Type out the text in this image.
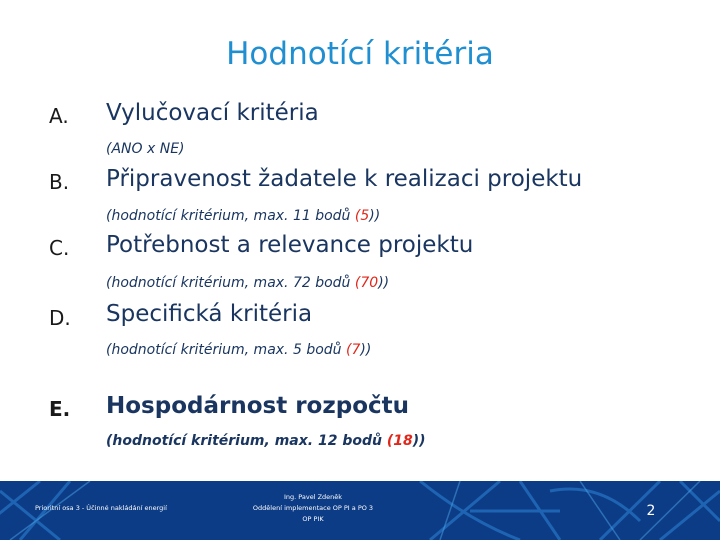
Hodnotící kritéria
A. Vylučovací kritéria
(ANO x NE)
B. Připravenost žadatele k realizaci projektu
(hodnotící kritérium, max. 11 bodů (5))
C. Potřebnost a relevance projektu
(hodnotící kritérium, max. 72 bodů (70))
D. Specifická kritéria
(hodnotící kritérium, max. 5 bodů (7))
E. Hospodárnost rozpočtu
(hodnotící kritérium, max. 12 bodů (18))
Prioritní osa 3 - Účinné nakládání energií
Ing. Pavel Zdeněk
Oddělení implementace OP PI a PO 3
OP PIK	2
